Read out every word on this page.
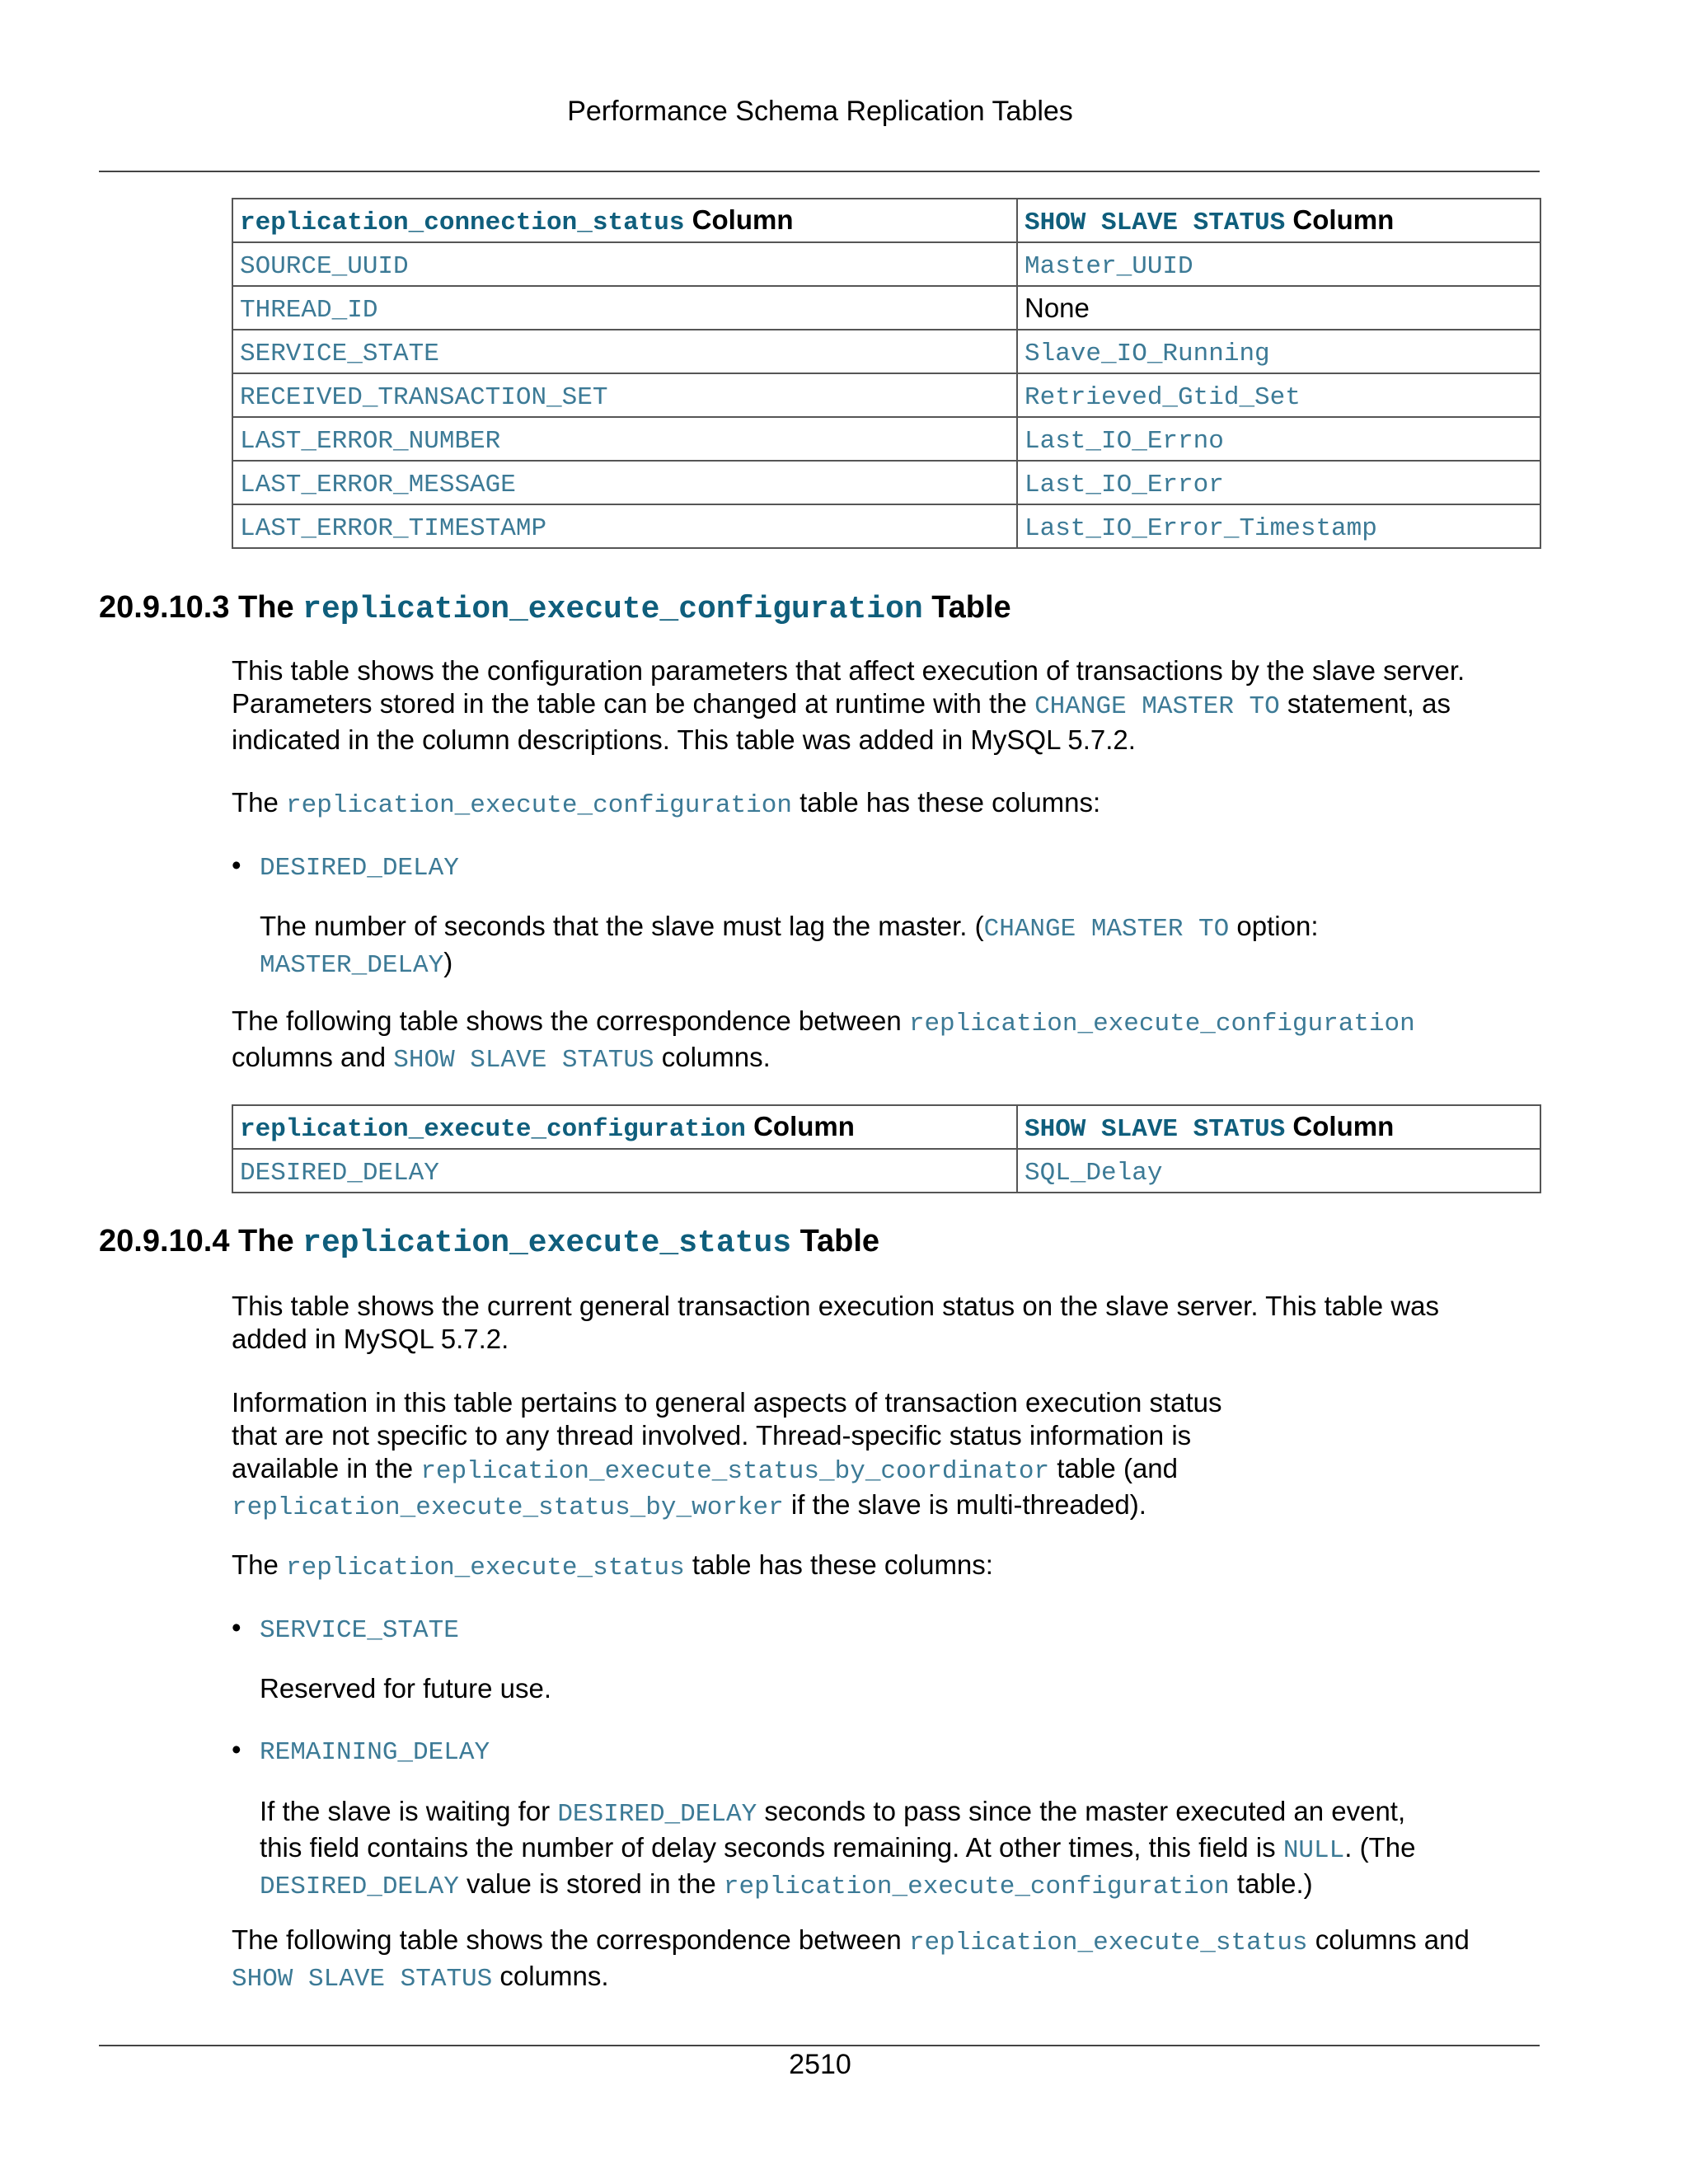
Performance Schema Replication Tables
replication_connection_status Column	SHOW SLAVE STATUS Column
SOURCE_UUID	Master_UUID
THREAD_ID	None
SERVICE_STATE	Slave_IO_Running
RECEIVED_TRANSACTION_SET	Retrieved_Gtid_Set
LAST_ERROR_NUMBER	Last_IO_Errno
LAST_ERROR_MESSAGE	Last_IO_Error
LAST_ERROR_TIMESTAMP	Last_IO_Error_Timestamp
20.9.10.3 The replication_execute_configuration Table

This table shows the configuration parameters that affect execution of transactions by the slave server.
Parameters stored in the table can be changed at runtime with the CHANGE MASTER TO statement, as
indicated in the column descriptions. This table was added in MySQL 5.7.2.

The replication_execute_configuration table has these columns:

• DESIRED_DELAY

The number of seconds that the slave must lag the master. (CHANGE MASTER TO option:
MASTER_DELAY)

The following table shows the correspondence between replication_execute_configuration
columns and SHOW SLAVE STATUS columns.

replication_execute_configuration Column	SHOW SLAVE STATUS Column
DESIRED_DELAY	SQL_Delay
20.9.10.4 The replication_execute_status Table

This table shows the current general transaction execution status on the slave server. This table was
added in MySQL 5.7.2.

Information in this table pertains to general aspects of transaction execution status
that are not specific to any thread involved. Thread-specific status information is
available in the replication_execute_status_by_coordinator table (and
replication_execute_status_by_worker if the slave is multi-threaded).

The replication_execute_status table has these columns:

• SERVICE_STATE

Reserved for future use.

• REMAINING_DELAY

If the slave is waiting for DESIRED_DELAY seconds to pass since the master executed an event,
this field contains the number of delay seconds remaining. At other times, this field is NULL. (The
DESIRED_DELAY value is stored in the replication_execute_configuration table.)

The following table shows the correspondence between replication_execute_status columns and
SHOW SLAVE STATUS columns.

2510
